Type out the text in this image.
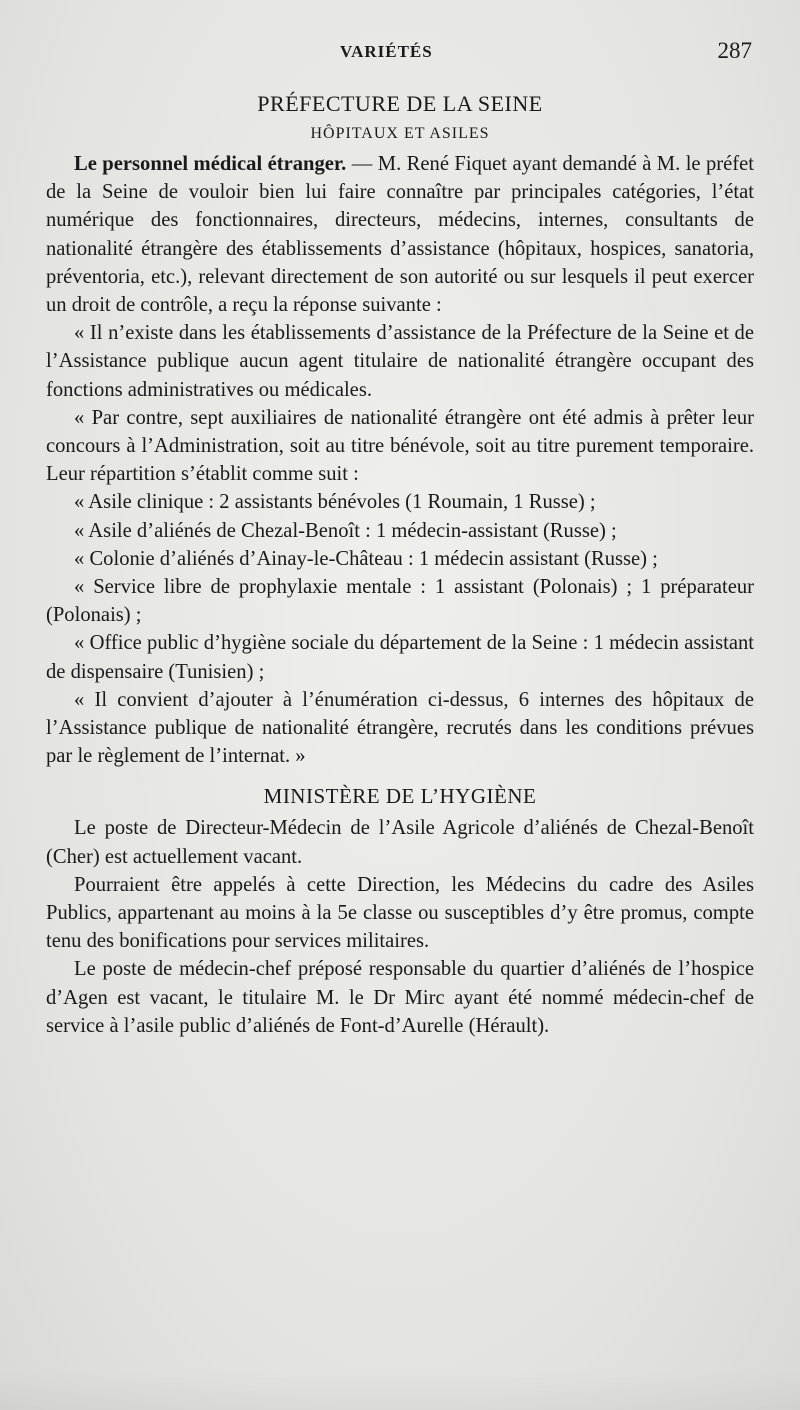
VARIÉTÉS	287
PRÉFECTURE DE LA SEINE
HÔPITAUX ET ASILES

Le personnel médical étranger. — M. René Fiquet ayant demandé à M. le préfet de la Seine de vouloir bien lui faire connaître par principales catégories, l’état numérique des fonctionnaires, directeurs, médecins, internes, consultants de nationalité étrangère des établissements d’assistance (hôpitaux, hospices, sanatoria, préventoria, etc.), relevant directement de son autorité ou sur lesquels il peut exercer un droit de contrôle, a reçu la réponse suivante :

« Il n’existe dans les établissements d’assistance de la Préfecture de la Seine et de l’Assistance publique aucun agent titulaire de nationalité étrangère occupant des fonctions administratives ou médicales.

« Par contre, sept auxiliaires de nationalité étrangère ont été admis à prêter leur concours à l’Administration, soit au titre bénévole, soit au titre purement temporaire. Leur répartition s’établit comme suit :

« Asile clinique : 2 assistants bénévoles (1 Roumain, 1 Russe) ;

« Asile d’aliénés de Chezal-Benoît : 1 médecin-assistant (Russe) ;

« Colonie d’aliénés d’Ainay-le-Château : 1 médecin assistant (Russe) ;

« Service libre de prophylaxie mentale : 1 assistant (Polonais) ; 1 préparateur (Polonais) ;

« Office public d’hygiène sociale du département de la Seine : 1 médecin assistant de dispensaire (Tunisien) ;

« Il convient d’ajouter à l’énumération ci-dessus, 6 internes des hôpitaux de l’Assistance publique de nationalité étrangère, recrutés dans les conditions prévues par le règlement de l’internat. »

MINISTÈRE DE L’HYGIÈNE

Le poste de Directeur-Médecin de l’Asile Agricole d’aliénés de Chezal-Benoît (Cher) est actuellement vacant.

Pourraient être appelés à cette Direction, les Médecins du cadre des Asiles Publics, appartenant au moins à la 5e classe ou susceptibles d’y être promus, compte tenu des bonifications pour services militaires.

Le poste de médecin-chef préposé responsable du quartier d’aliénés de l’hospice d’Agen est vacant, le titulaire M. le Dr Mirc ayant été nommé médecin-chef de service à l’asile public d’aliénés de Font-d’Aurelle (Hérault).
